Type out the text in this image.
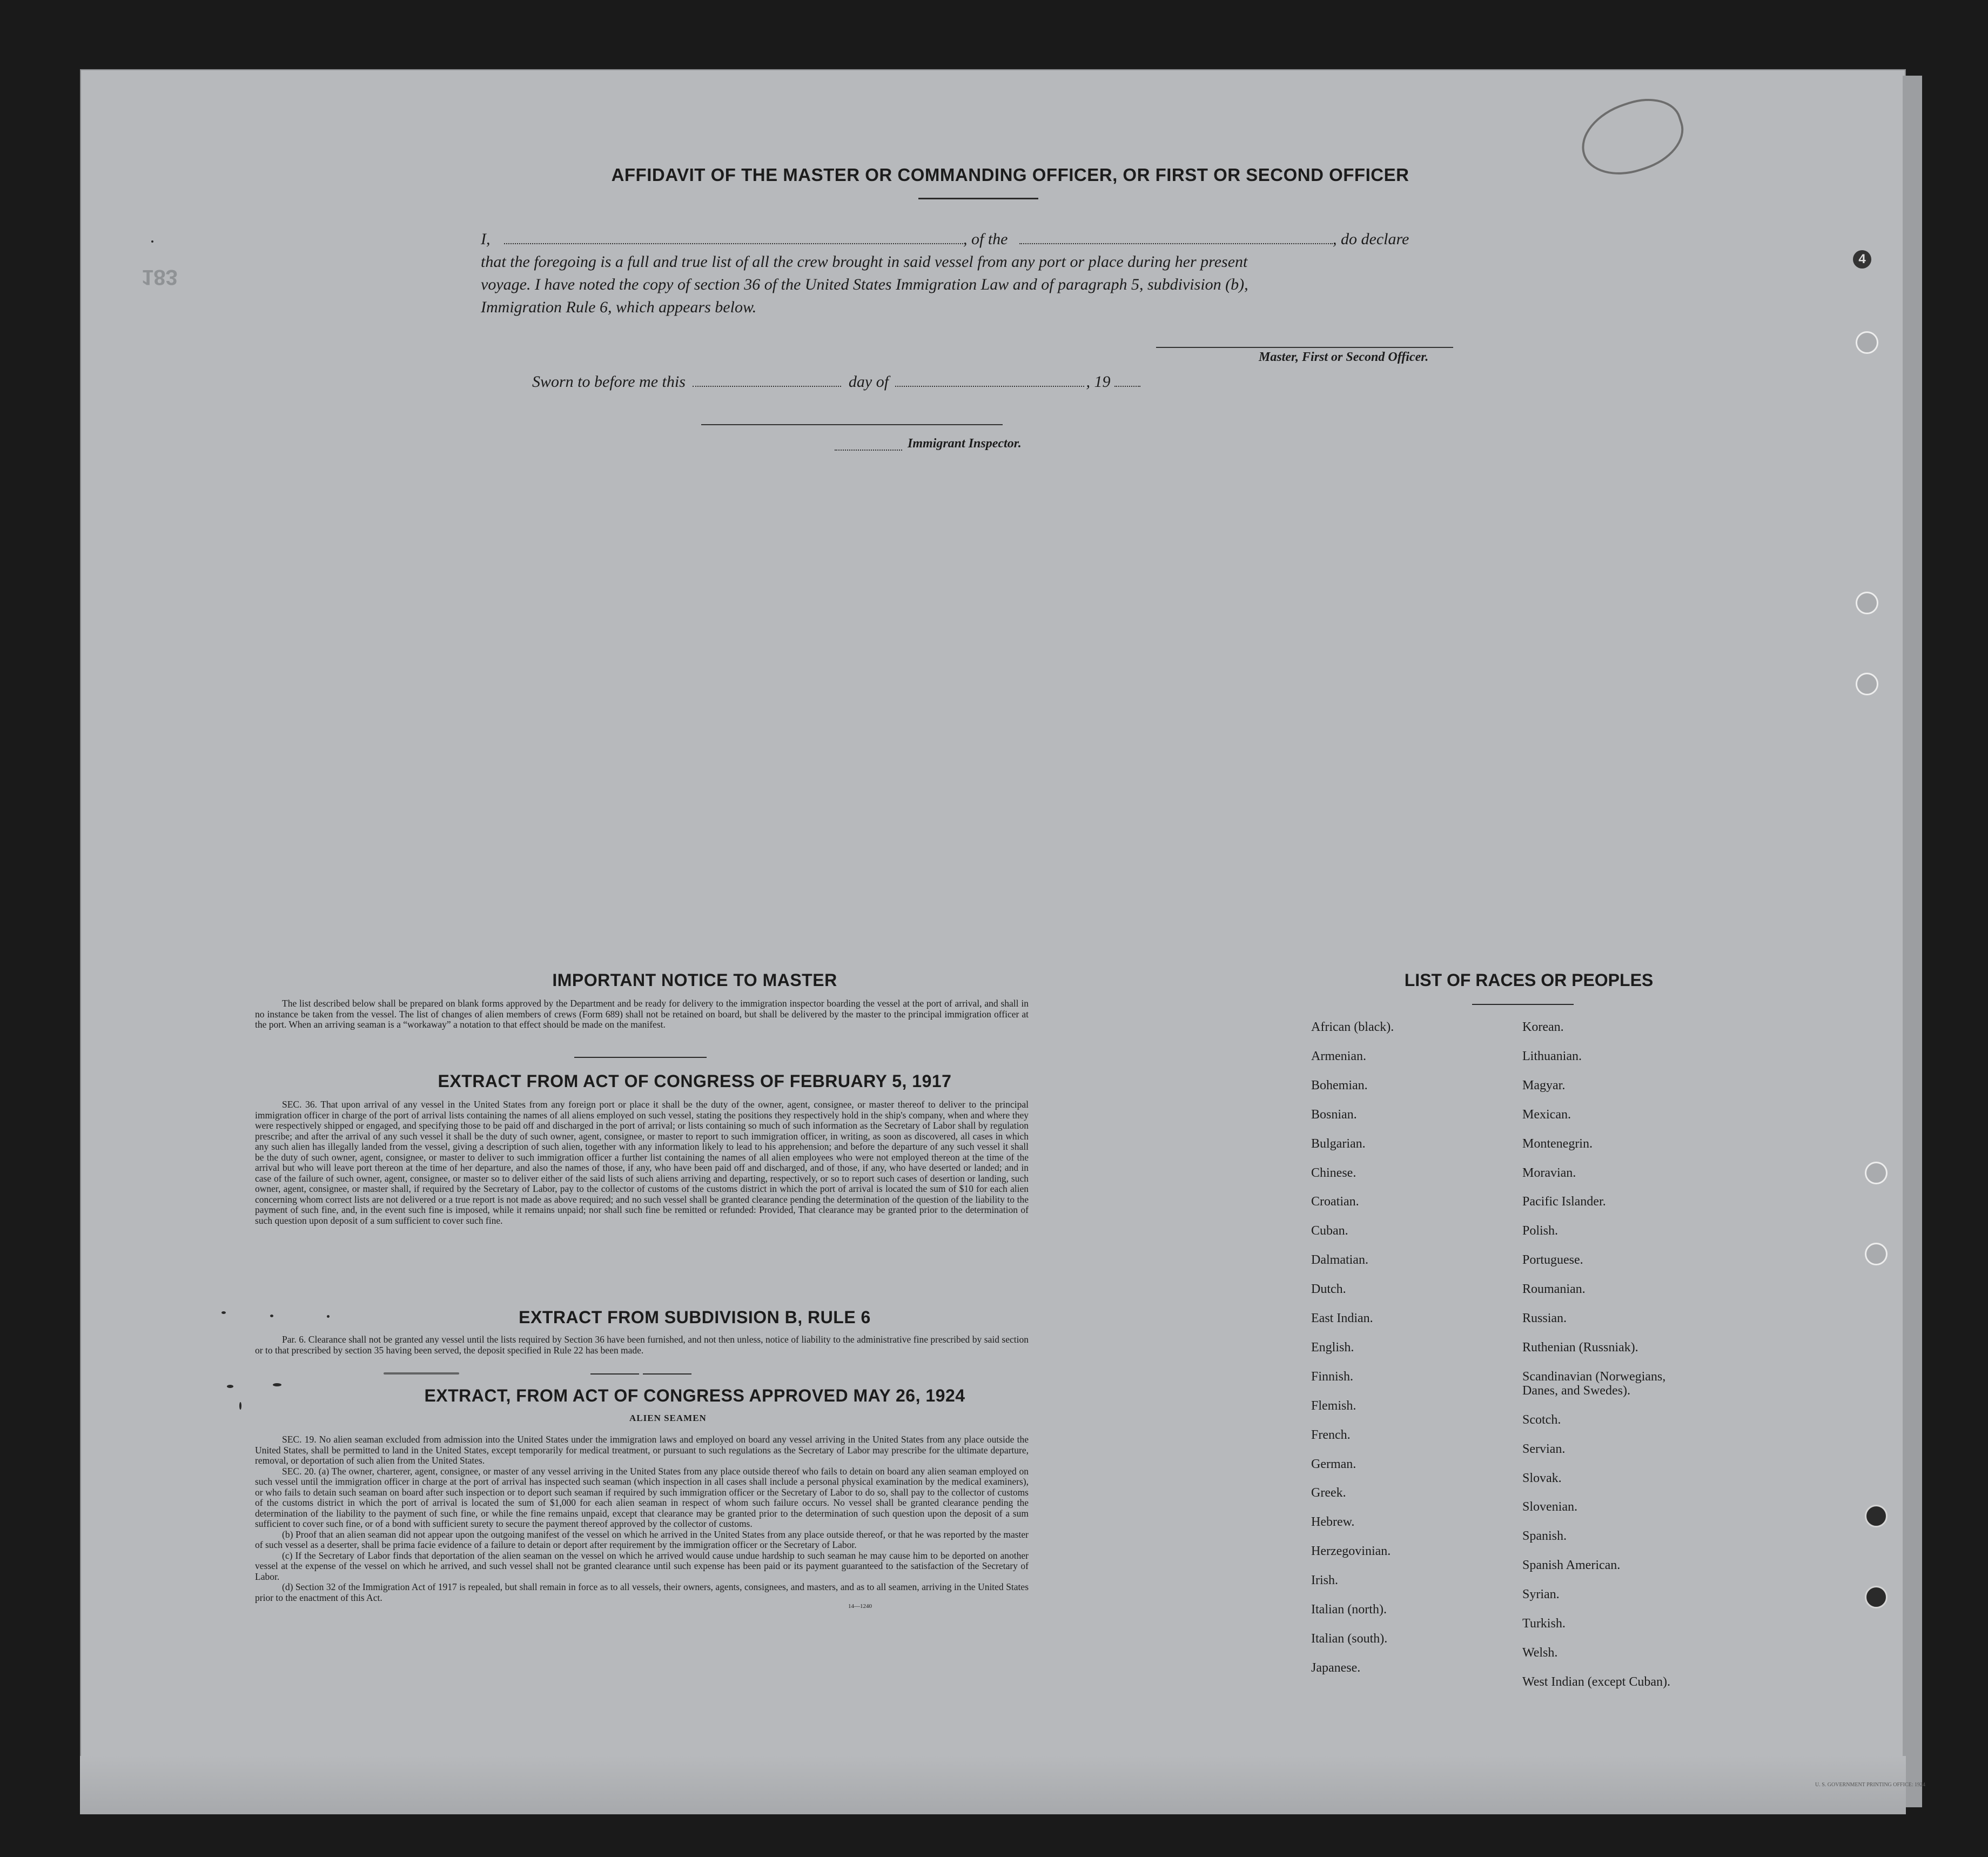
4
183
AFFIDAVIT OF THE MASTER OR COMMANDING OFFICER, OR FIRST OR SECOND OFFICER
I,	, of the	, do declare
that the foregoing is a full and true list of all the crew brought in said vessel from any port or place during her present
voyage. I have noted the copy of section 36 of the United States Immigration Law and of paragraph 5, subdivision (b),
Immigration Rule 6, which appears below.
Master, First or Second Officer.
Sworn to before me this	day of	, 19
Immigrant Inspector.
IMPORTANT NOTICE TO MASTER
The list described below shall be prepared on blank forms approved by the Department and be ready for delivery to the immigration inspector boarding the vessel at the port of arrival, and shall in no instance be taken from the vessel. The list of changes of alien members of crews (Form 689) shall not be retained on board, but shall be delivered by the master to the principal immigration officer at the port. When an arriving seaman is a “workaway” a notation to that effect should be made on the manifest.
EXTRACT FROM ACT OF CONGRESS OF FEBRUARY 5, 1917
SEC. 36. That upon arrival of any vessel in the United States from any foreign port or place it shall be the duty of the owner, agent, consignee, or master thereof to deliver to the principal immigration officer in charge of the port of arrival lists containing the names of all aliens employed on such vessel, stating the positions they respectively hold in the ship's company, when and where they were respectively shipped or engaged, and specifying those to be paid off and discharged in the port of arrival; or lists containing so much of such information as the Secretary of Labor shall by regulation prescribe; and after the arrival of any such vessel it shall be the duty of such owner, agent, consignee, or master to report to such immigration officer, in writing, as soon as discovered, all cases in which any such alien has illegally landed from the vessel, giving a description of such alien, together with any information likely to lead to his apprehension; and before the departure of any such vessel it shall be the duty of such owner, agent, consignee, or master to deliver to such immigration officer a further list containing the names of all alien employees who were not employed thereon at the time of the arrival but who will leave port thereon at the time of her departure, and also the names of those, if any, who have been paid off and discharged, and of those, if any, who have deserted or landed; and in case of the failure of such owner, agent, consignee, or master so to deliver either of the said lists of such aliens arriving and departing, respectively, or so to report such cases of desertion or landing, such owner, agent, consignee, or master shall, if required by the Secretary of Labor, pay to the collector of customs of the customs district in which the port of arrival is located the sum of $10 for each alien concerning whom correct lists are not delivered or a true report is not made as above required; and no such vessel shall be granted clearance pending the determination of the question of the liability to the payment of such fine, and, in the event such fine is imposed, while it remains unpaid; nor shall such fine be remitted or refunded: Provided, That clearance may be granted prior to the determination of such question upon deposit of a sum sufficient to cover such fine.
EXTRACT FROM SUBDIVISION B, RULE 6
Par. 6. Clearance shall not be granted any vessel until the lists required by Section 36 have been furnished, and not then unless, notice of liability to the administrative fine prescribed by said section or to that prescribed by section 35 having been served, the deposit specified in Rule 22 has been made.
EXTRACT, FROM ACT OF CONGRESS APPROVED MAY 26, 1924
ALIEN SEAMEN
SEC. 19. No alien seaman excluded from admission into the United States under the immigration laws and employed on board any vessel arriving in the United States from any place outside the United States, shall be permitted to land in the United States, except temporarily for medical treatment, or pursuant to such regulations as the Secretary of Labor may prescribe for the ultimate departure, removal, or deportation of such alien from the United States.
SEC. 20. (a) The owner, charterer, agent, consignee, or master of any vessel arriving in the United States from any place outside thereof who fails to detain on board any alien seaman employed on such vessel until the immigration officer in charge at the port of arrival has inspected such seaman (which inspection in all cases shall include a personal physical examination by the medical examiners), or who fails to detain such seaman on board after such inspection or to deport such seaman if required by such immigration officer or the Secretary of Labor to do so, shall pay to the collector of customs of the customs district in which the port of arrival is located the sum of $1,000 for each alien seaman in respect of whom such failure occurs. No vessel shall be granted clearance pending the determination of the liability to the payment of such fine, or while the fine remains unpaid, except that clearance may be granted prior to the determination of such question upon the deposit of a sum sufficient to cover such fine, or of a bond with sufficient surety to secure the payment thereof approved by the collector of customs.
(b) Proof that an alien seaman did not appear upon the outgoing manifest of the vessel on which he arrived in the United States from any place outside thereof, or that he was reported by the master of such vessel as a deserter, shall be prima facie evidence of a failure to detain or deport after requirement by the immigration officer or the Secretary of Labor.
(c) If the Secretary of Labor finds that deportation of the alien seaman on the vessel on which he arrived would cause undue hardship to such seaman he may cause him to be deported on another vessel at the expense of the vessel on which he arrived, and such vessel shall not be granted clearance until such expense has been paid or its payment guaranteed to the satisfaction of the Secretary of Labor.
(d) Section 32 of the Immigration Act of 1917 is repealed, but shall remain in force as to all vessels, their owners, agents, consignees, and masters, and as to all seamen, arriving in the United States prior to the enactment of this Act.
14—1240
LIST OF RACES OR PEOPLES
African (black).
Armenian.
Bohemian.
Bosnian.
Bulgarian.
Chinese.
Croatian.
Cuban.
Dalmatian.
Dutch.
East Indian.
English.
Finnish.
Flemish.
French.
German.
Greek.
Hebrew.
Herzegovinian.
Irish.
Italian (north).
Italian (south).
Japanese.
Korean.
Lithuanian.
Magyar.
Mexican.
Montenegrin.
Moravian.
Pacific Islander.
Polish.
Portuguese.
Roumanian.
Russian.
Ruthenian (Russniak).
Scandinavian (Norwegians,
Danes, and Swedes).
Scotch.
Servian.
Slovak.
Slovenian.
Spanish.
Spanish American.
Syrian.
Turkish.
Welsh.
West Indian (except Cuban).
U. S. GOVERNMENT PRINTING OFFICE: 1924
